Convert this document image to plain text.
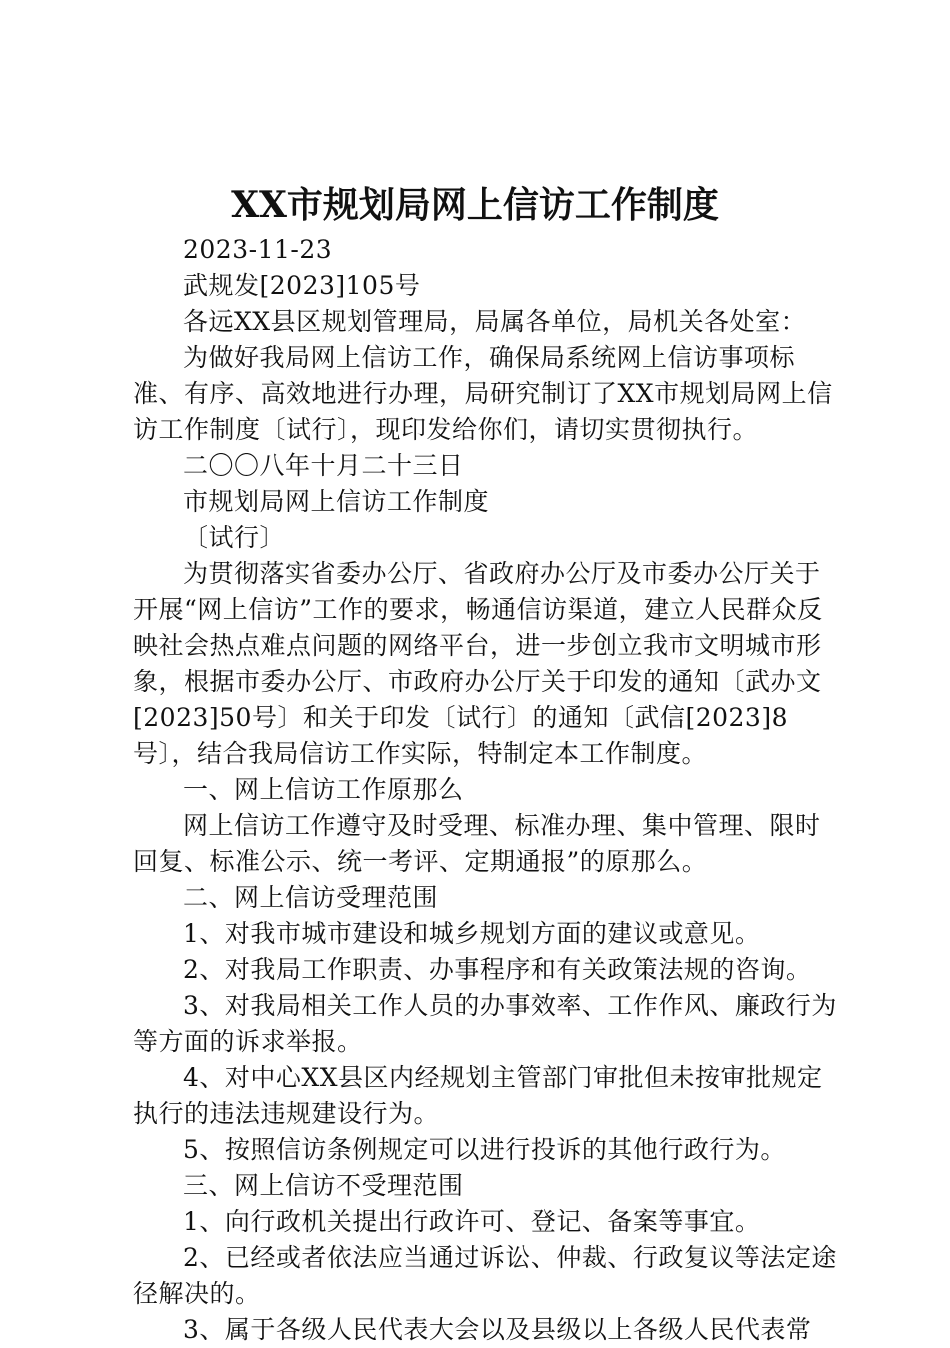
XX市规划局网上信访工作制度

2023-11-23

武规发[2023]105号

各远XX县区规划管理局，局属各单位，局机关各处室：

为做好我局网上信访工作，确保局系统网上信访事项标准、有序、高效地进行办理，局研究制订了XX市规划局网上信访工作制度〔试行〕，现印发给你们，请切实贯彻执行。

二〇〇八年十月二十三日

市规划局网上信访工作制度

〔试行〕

为贯彻落实省委办公厅、省政府办公厅及市委办公厅关于开展“网上信访”工作的要求，畅通信访渠道，建立人民群众反映社会热点难点问题的网络平台，进一步创立我市文明城市形象，根据市委办公厅、市政府办公厅关于印发的通知〔武办文[2023]50号〕和关于印发〔试行〕的通知〔武信[2023]8号〕，结合我局信访工作实际，特制定本工作制度。

一、网上信访工作原那么

网上信访工作遵守及时受理、标准办理、集中管理、限时回复、标准公示、统一考评、定期通报”的原那么。

二、网上信访受理范围

1、对我市城市建设和城乡规划方面的建议或意见。

2、对我局工作职责、办事程序和有关政策法规的咨询。

3、对我局相关工作人员的办事效率、工作作风、廉政行为等方面的诉求举报。

4、对中心XX县区内经规划主管部门审批但未按审批规定执行的违法违规建设行为。

5、按照信访条例规定可以进行投诉的其他行政行为。

三、网上信访不受理范围

1、向行政机关提出行政许可、登记、备案等事宜。

2、已经或者依法应当通过诉讼、仲裁、行政复议等法定途径解决的。

3、属于各级人民代表大会以及县级以上各级人民代表常
